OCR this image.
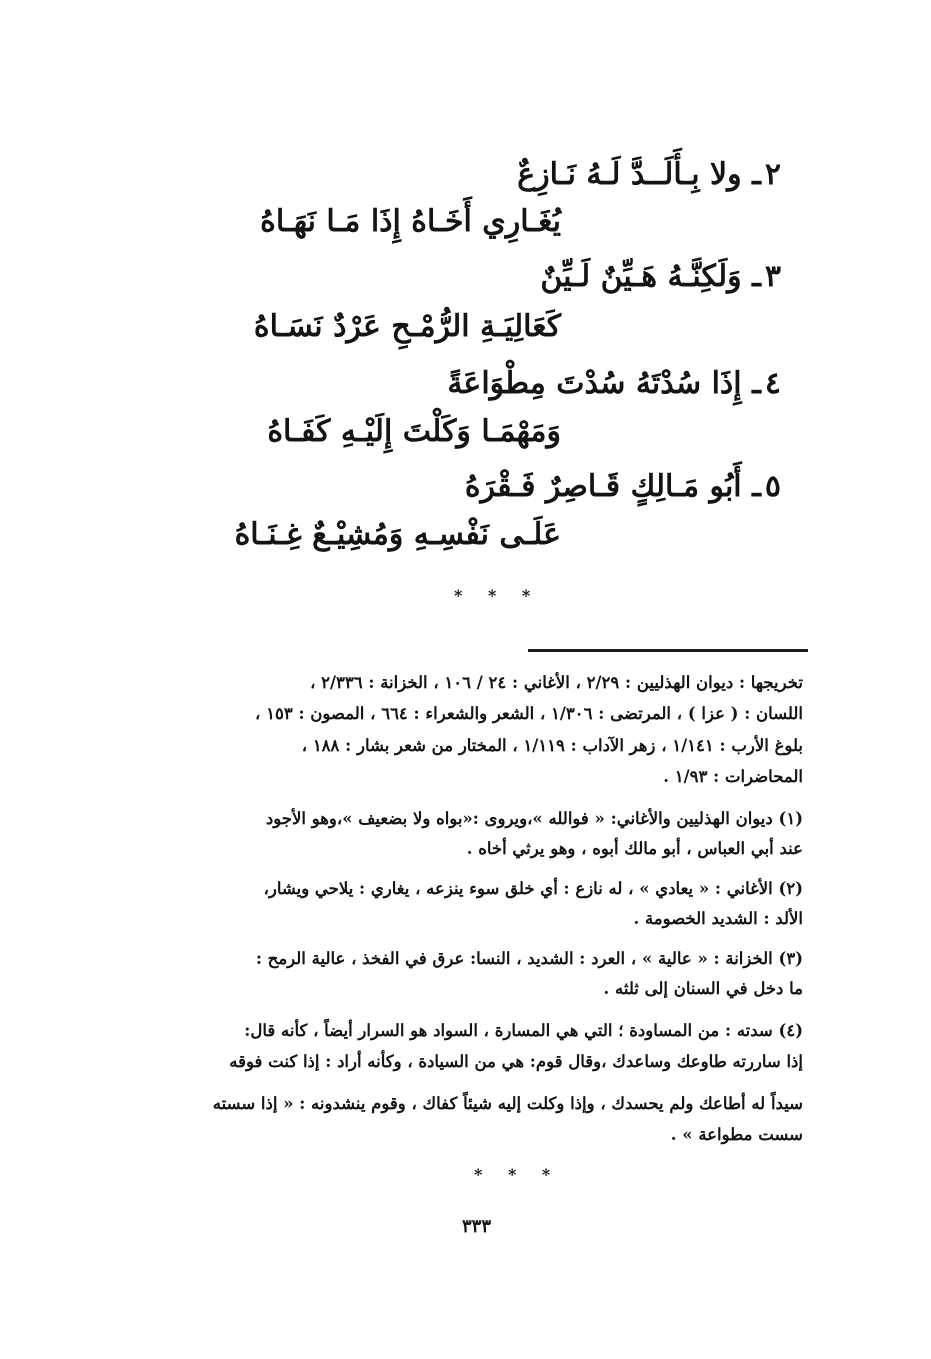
٢ـ ولا بِـأَلَــدَّ لَـهُ نَـازِعٌ
يُغَـارِي أَخَـاهُ إِذَا مَـا نَهَـاهُ
٣ـ وَلَكِنَّـهُ هَـيِّنٌ لَـيِّنٌ
كَعَالِيَـةِ الرُّمْـحِ عَرْدٌ نَسَـاهُ
٤ـ إِذَا سُدْتَهُ سُدْتَ مِطْوَاعَةً
وَمَهْمَـا وَكَلْتَ إِلَيْـهِ كَفَـاهُ
٥ـ أَبُو مَـالِكٍ قَـاصِرٌ فَـقْرَهُ
عَلَـى نَفْسِـهِ وَمُشِيْـعٌ غِـنَـاهُ
* * *
تخريجها : ديوان الهذليين : ٢/٢٩ ، الأغاني : ٢٤ / ١٠٦ ، الخزانة : ٢/٣٣٦ ،
اللسان : ( عزا ) ، المرتضى : ١/٣٠٦ ، الشعر والشعراء : ٦٦٤ ، المصون : ١٥٣ ،
بلوغ الأرب : ١/١٤١ ، زهر الآداب : ١/١١٩ ، المختار من شعر بشار : ١٨٨ ،
المحاضرات : ١/٩٣ .
(١) ديوان الهذليين والأغاني: « فوالله »،ويروى :«بواه ولا بضعيف »،وهو الأجود
عند أبي العباس ، أبو مالك أبوه ، وهو يرثي أخاه .
(٢) الأغاني : « يعادي » ، له نازع : أي خلق سوء ينزعه ، يغاري : يلاحي ويشار،
الألد : الشديد الخصومة .
(٣) الخزانة : « عالية » ، العرد : الشديد ، النسا: عرق في الفخذ ، عالية الرمح :
ما دخل في السنان إلى ثلثه .
(٤) سدته : من المساودة ؛ التي هي المسارة ، السواد هو السرار أيضاً ، كأنه قال:
إذا ساررته طاوعك وساعدك ،وقال قوم: هي من السيادة ، وكأنه أراد : إذا كنت فوقه
سيداً له أطاعك ولم يحسدك ، وإذا وكلت إليه شيئاً كفاك ، وقوم ينشدونه : « إذا سسته
سست مطواعة » .
* * *
٣٣٣
